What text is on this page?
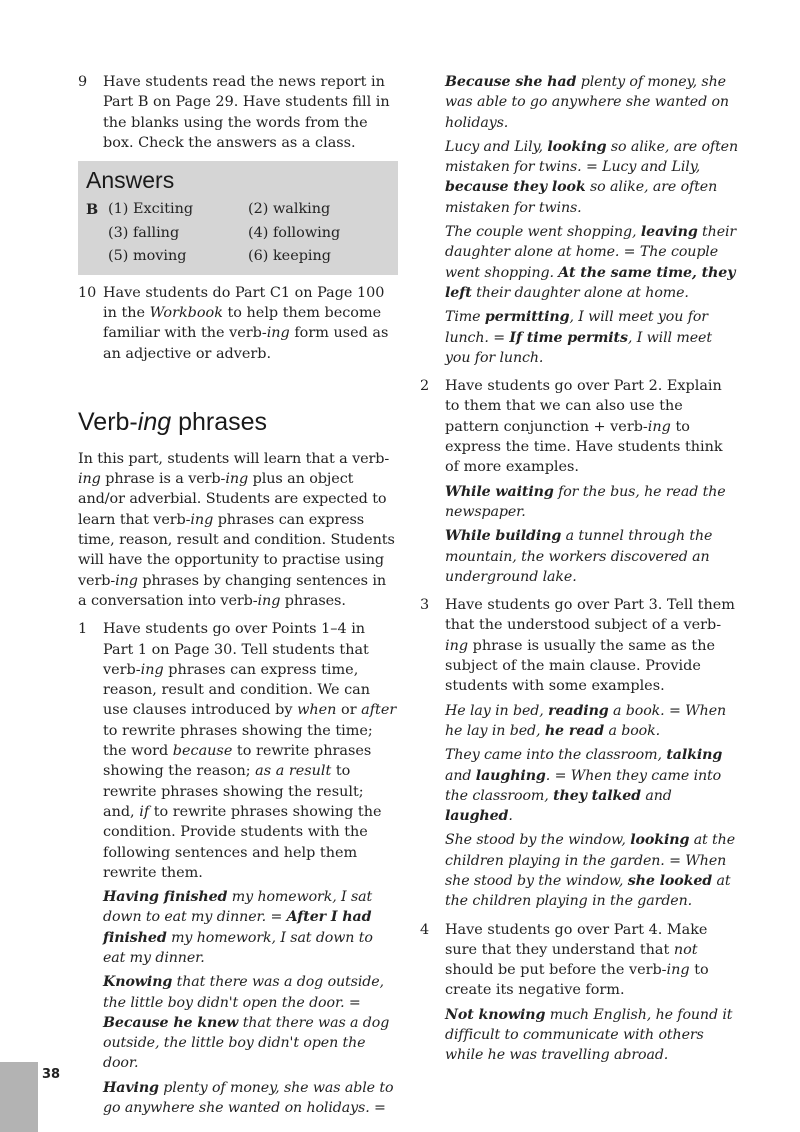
9 Have students read the news report in Part B on Page 29. Have students fill in the blanks using the words from the box. Check the answers as a class.
Answers
B (1) Exciting	(2) walking
(3) falling	(4) following
(5) moving	(6) keeping
10 Have students do Part C1 on Page 100 in the Workbook to help them become familiar with the verb-ing form used as an adjective or adverb.
Verb-ing phrases

In this part, students will learn that a verb-ing phrase is a verb-ing plus an object and/or adverbial. Students are expected to learn that verb-ing phrases can express time, reason, result and condition. Students will have the opportunity to practise using verb-ing phrases by changing sentences in a conversation into verb-ing phrases.

1 Have students go over Points 1–4 in Part 1 on Page 30. Tell students that verb-ing phrases can express time, reason, result and condition. We can use clauses introduced by when or after to rewrite phrases showing the time; the word because to rewrite phrases showing the reason; as a result to rewrite phrases showing the result; and, if to rewrite phrases showing the condition. Provide students with the following sentences and help them rewrite them.

Having finished my homework, I sat down to eat my dinner. = After I had finished my homework, I sat down to eat my dinner.

Knowing that there was a dog outside, the little boy didn't open the door. = Because he knew that there was a dog outside, the little boy didn't open the door.

Having plenty of money, she was able to go anywhere she wanted on holidays. =

Because she had plenty of money, she was able to go anywhere she wanted on holidays.

Lucy and Lily, looking so alike, are often mistaken for twins. = Lucy and Lily, because they look so alike, are often mistaken for twins.

The couple went shopping, leaving their daughter alone at home. = The couple went shopping. At the same time, they left their daughter alone at home.

Time permitting, I will meet you for lunch. = If time permits, I will meet you for lunch.

2 Have students go over Part 2. Explain to them that we can also use the pattern conjunction + verb-ing to express the time. Have students think of more examples.

While waiting for the bus, he read the newspaper.

While building a tunnel through the mountain, the workers discovered an underground lake.

3 Have students go over Part 3. Tell them that the understood subject of a verb-ing phrase is usually the same as the subject of the main clause. Provide students with some examples.

He lay in bed, reading a book. = When he lay in bed, he read a book.

They came into the classroom, talking and laughing. = When they came into the classroom, they talked and laughed.

She stood by the window, looking at the children playing in the garden. = When she stood by the window, she looked at the children playing in the garden.

4 Have students go over Part 4. Make sure that they understand that not should be put before the verb-ing to create its negative form.

Not knowing much English, he found it difficult to communicate with others while he was travelling abroad.

38
